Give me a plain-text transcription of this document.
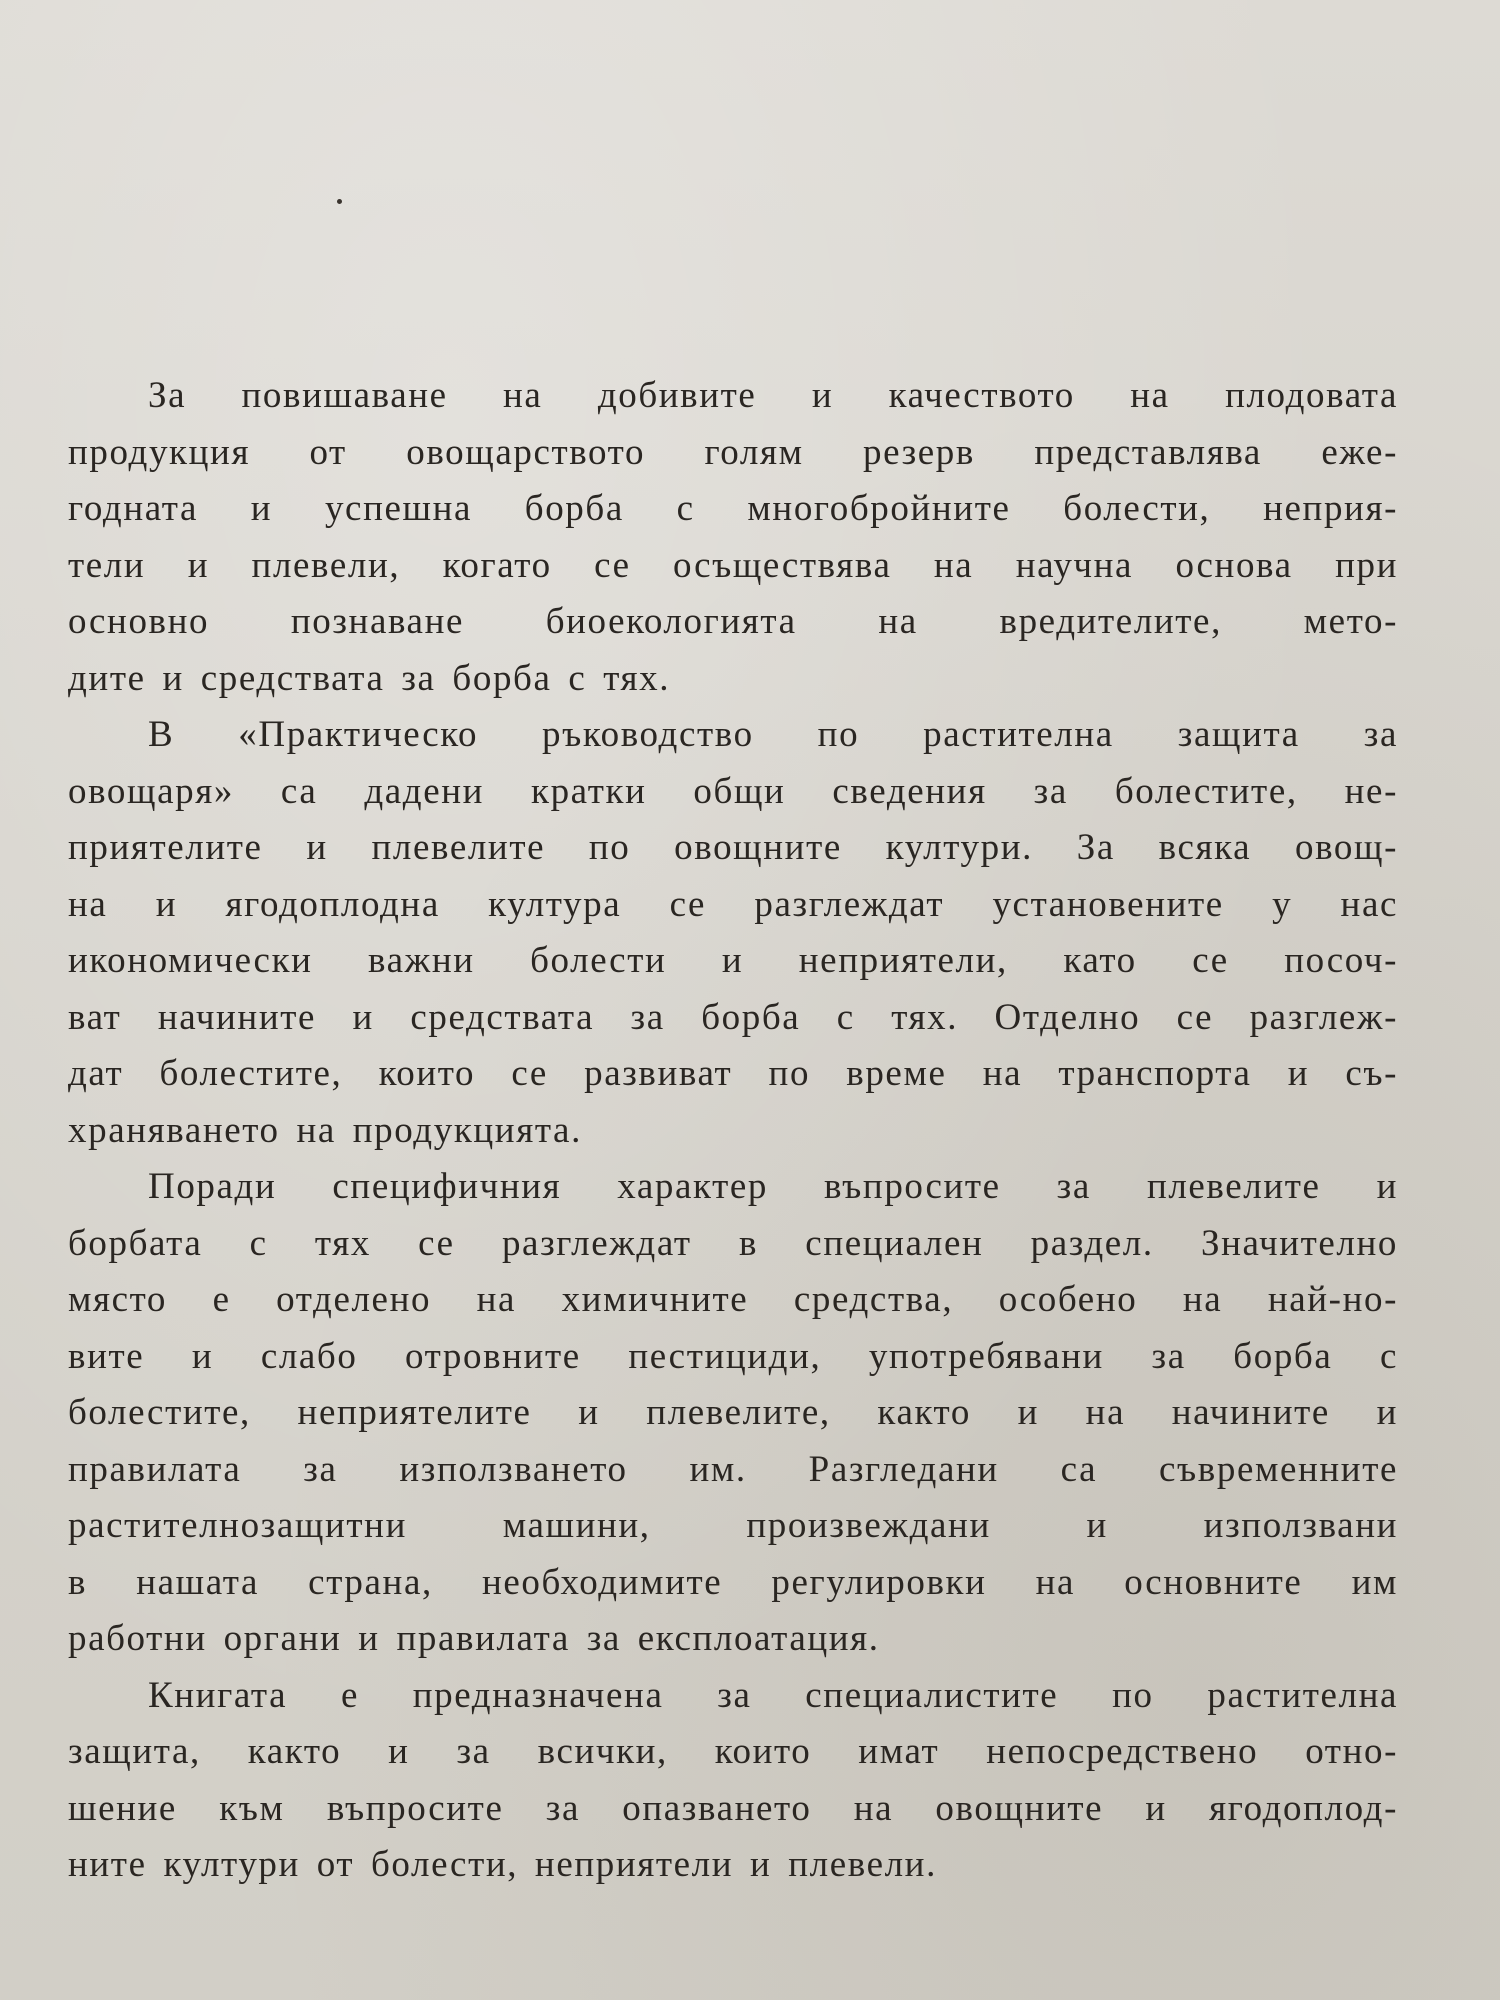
За повишаване на добивите и качеството на плодовата
продукция от овощарството голям резерв представлява еже-
годната и успешна борба с многобройните болести, неприя-
тели и плевели, когато се осъществява на научна основа при
основно познаване биоекологията на вредителите, мето-
дите и средствата за борба с тях.
В «Практическо ръководство по растителна защита за
овощаря» са дадени кратки общи сведения за болестите, не-
приятелите и плевелите по овощните култури. За всяка овощ-
на и ягодоплодна култура се разглеждат установените у нас
икономически важни болести и неприятели, като се посоч-
ват начините и средствата за борба с тях. Отделно се разглеж-
дат болестите, които се развиват по време на транспорта и съ-
храняването на продукцията.
Поради специфичния характер въпросите за плевелите и
борбата с тях се разглеждат в специален раздел. Значително
място е отделено на химичните средства, особено на най-но-
вите и слабо отровните пестициди, употребявани за борба с
болестите, неприятелите и плевелите, както и на начините и
правилата за използването им. Разгледани са съвременните
растителнозащитни машини, произвеждани и използвани
в нашата страна, необходимите регулировки на основните им
работни органи и правилата за експлоатация.
Книгата е предназначена за специалистите по растителна
защита, както и за всички, които имат непосредствено отно-
шение към въпросите за опазването на овощните и ягодоплод-
ните култури от болести, неприятели и плевели.
